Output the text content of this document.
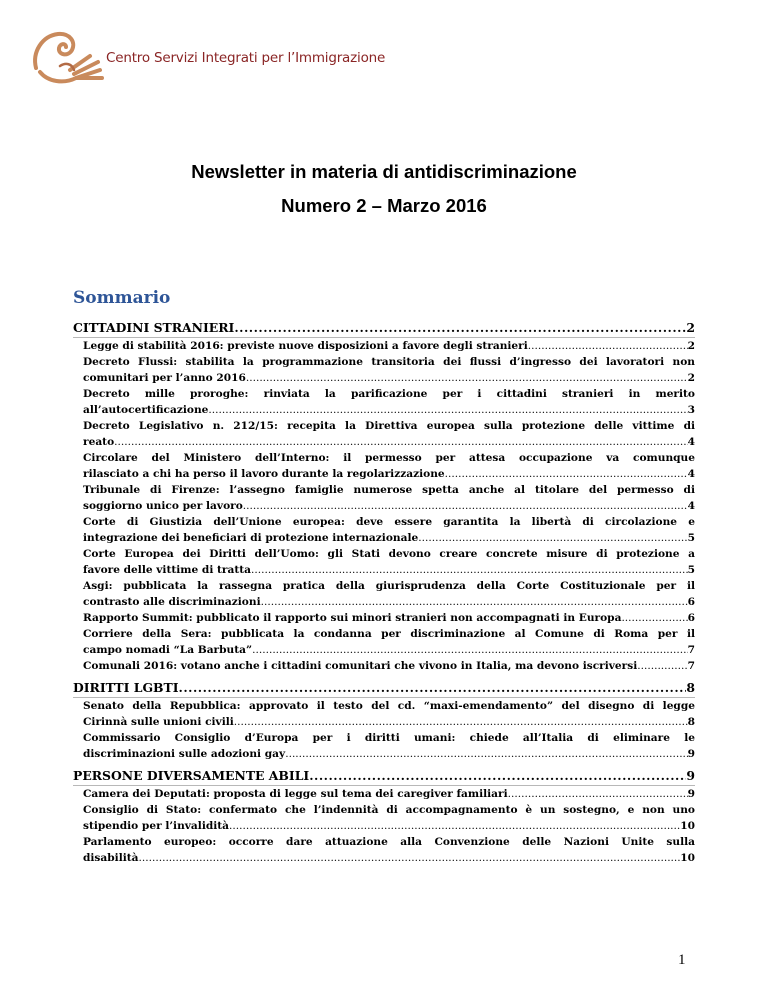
Centro Servizi Integrati per l’Immigrazione

Newsletter in materia di antidiscriminazione

Numero 2 – Marzo 2016

Sommario
CITTADINI STRANIERI .....	2
Legge di stabilità 2016: previste nuove disposizioni a favore degli stranieri .....	2

Decreto Flussi: stabilita la programmazione transitoria dei flussi d’ingresso dei lavoratori non

comunitari per l’anno 2016 .....	2

Decreto mille proroghe: rinviata la parificazione per i cittadini stranieri in merito

all’autocertificazione .....	3

Decreto Legislativo n. 212/15: recepita la Direttiva europea sulla protezione delle vittime di

reato .....	4

Circolare del Ministero dell’Interno: il permesso per attesa occupazione va comunque

rilasciato a chi ha perso il lavoro durante la regolarizzazione .....	4

Tribunale di Firenze: l’assegno famiglie numerose spetta anche al titolare del permesso di

soggiorno unico per lavoro .....	4

Corte di Giustizia dell’Unione europea: deve essere garantita la libertà di circolazione e

integrazione dei beneficiari di protezione internazionale .....	5

Corte Europea dei Diritti dell’Uomo: gli Stati devono creare concrete misure di protezione a

favore delle vittime di tratta .....	5

Asgi: pubblicata la rassegna pratica della giurisprudenza della Corte Costituzionale per il

contrasto alle discriminazioni .....	6
Rapporto Summit: pubblicato il rapporto sui minori stranieri non accompagnati in Europa .....	6

Corriere della Sera: pubblicata la condanna per discriminazione al Comune di Roma per il

campo nomadi “La Barbuta” .....	7
Comunali 2016: votano anche i cittadini comunitari che vivono in Italia, ma devono iscriversi .....	7
DIRITTI LGBTI .....	8

Senato della Repubblica: approvato il testo del cd. “maxi-emendamento” del disegno di legge

Cirinnà sulle unioni civili .....	8

Commissario Consiglio d’Europa per i diritti umani: chiede all’Italia di eliminare le

discriminazioni sulle adozioni gay .....	9
PERSONE DIVERSAMENTE ABILI .....	9
Camera dei Deputati: proposta di legge sul tema dei caregiver familiari .....	9

Consiglio di Stato: confermato che l’indennità di accompagnamento è un sostegno, e non uno

stipendio per l’invalidità .....	10

Parlamento europeo: occorre dare attuazione alla Convenzione delle Nazioni Unite sulla

disabilità .....	10
1
